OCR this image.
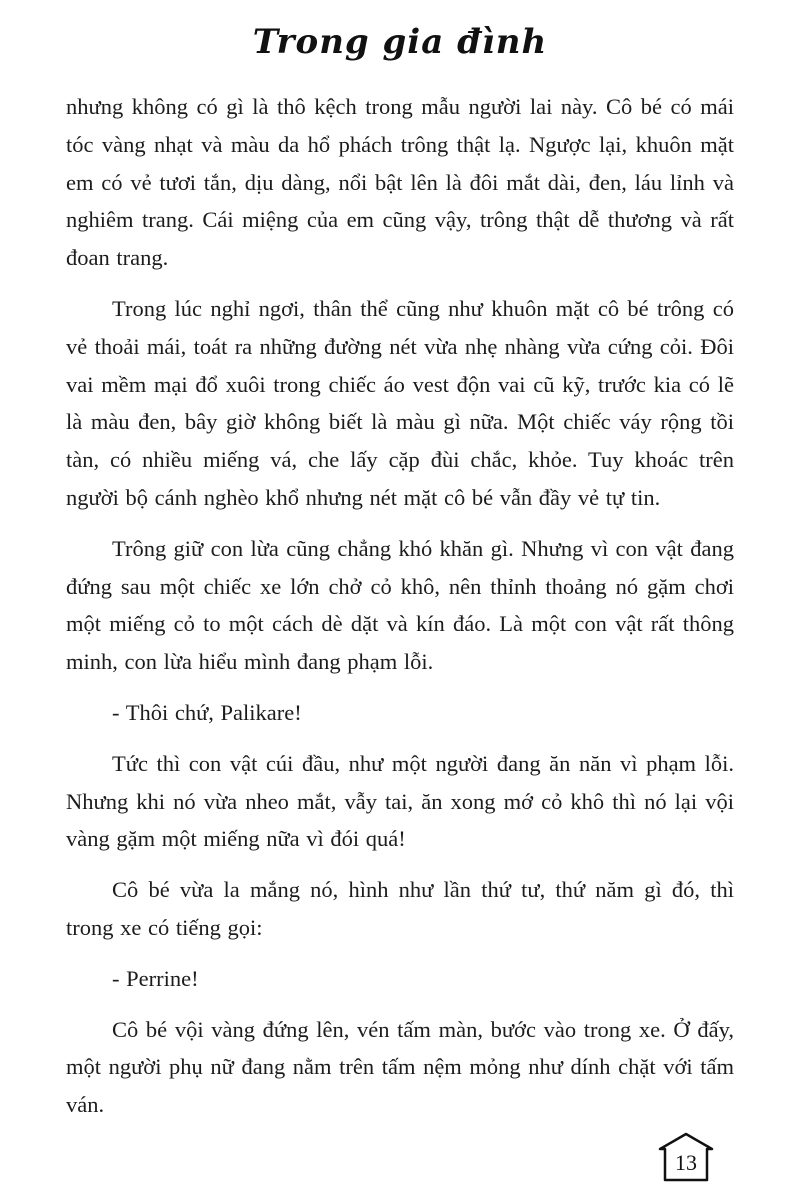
Trong gia đình

nhưng không có gì là thô kệch trong mẫu người lai này. Cô bé có mái tóc vàng nhạt và màu da hổ phách trông thật lạ. Ngược lại, khuôn mặt em có vẻ tươi tắn, dịu dàng, nổi bật lên là đôi mắt dài, đen, láu lỉnh và nghiêm trang. Cái miệng của em cũng vậy, trông thật dễ thương và rất đoan trang.

Trong lúc nghỉ ngơi, thân thể cũng như khuôn mặt cô bé trông có vẻ thoải mái, toát ra những đường nét vừa nhẹ nhàng vừa cứng cỏi. Đôi vai mềm mại đổ xuôi trong chiếc áo vest độn vai cũ kỹ, trước kia có lẽ là màu đen, bây giờ không biết là màu gì nữa. Một chiếc váy rộng tồi tàn, có nhiều miếng vá, che lấy cặp đùi chắc, khỏe. Tuy khoác trên người bộ cánh nghèo khổ nhưng nét mặt cô bé vẫn đầy vẻ tự tin.

Trông giữ con lừa cũng chẳng khó khăn gì. Nhưng vì con vật đang đứng sau một chiếc xe lớn chở cỏ khô, nên thỉnh thoảng nó gặm chơi một miếng cỏ to một cách dè dặt và kín đáo. Là một con vật rất thông minh, con lừa hiểu mình đang phạm lỗi.

- Thôi chứ, Palikare!

Tức thì con vật cúi đầu, như một người đang ăn năn vì phạm lỗi. Nhưng khi nó vừa nheo mắt, vẫy tai, ăn xong mớ cỏ khô thì nó lại vội vàng gặm một miếng nữa vì đói quá!

Cô bé vừa la mắng nó, hình như lần thứ tư, thứ năm gì đó, thì trong xe có tiếng gọi:

- Perrine!

Cô bé vội vàng đứng lên, vén tấm màn, bước vào trong xe. Ở đấy, một người phụ nữ đang nằm trên tấm nệm mỏng như dính chặt với tấm ván.

13
